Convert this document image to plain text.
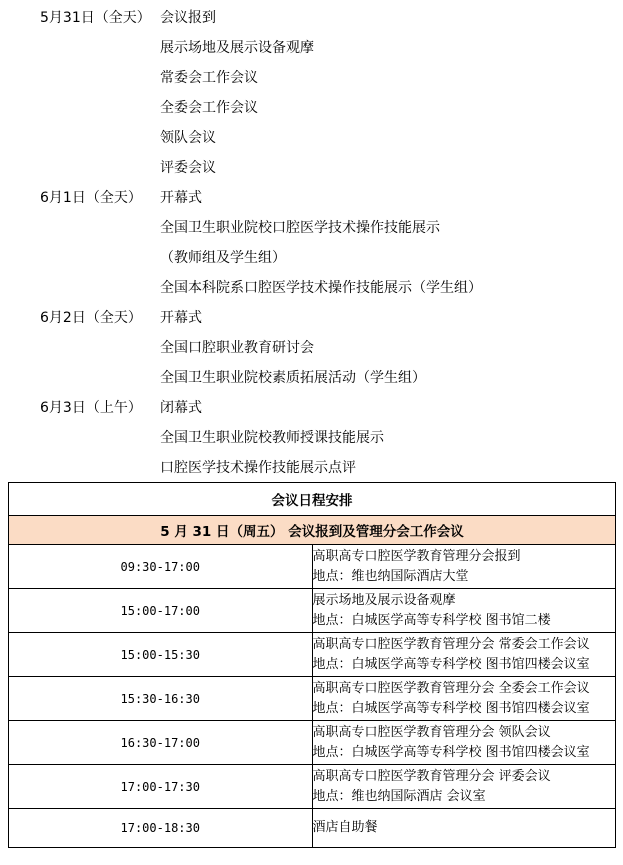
5月31日（全天） 会议报到
展示场地及展示设备观摩
常委会工作会议
全委会工作会议
领队会议
评委会议
6月1日（全天） 开幕式
全国卫生职业院校口腔医学技术操作技能展示
（教师组及学生组）
全国本科院系口腔医学技术操作技能展示（学生组）
6月2日（全天） 开幕式
全国口腔职业教育研讨会
全国卫生职业院校素质拓展活动（学生组）
6月3日（上午） 闭幕式
全国卫生职业院校教师授课技能展示
口腔医学技术操作技能展示点评
会议日程安排	
5 月 31 日（周五） 会议报到及管理分会工作会议	
09:30-17:00	高职高专口腔医学教育管理分会报到
地点：维也纳国际酒店大堂

15:00-17:00	展示场地及展示设备观摩
地点：白城医学高等专科学校 图书馆二楼

15:00-15:30	高职高专口腔医学教育管理分会 常委会工作会议
地点：白城医学高等专科学校 图书馆四楼会议室

15:30-16:30	高职高专口腔医学教育管理分会 全委会工作会议
地点：白城医学高等专科学校 图书馆四楼会议室

16:30-17:00	高职高专口腔医学教育管理分会 领队会议
地点：白城医学高等专科学校 图书馆四楼会议室

17:00-17:30	高职高专口腔医学教育管理分会 评委会议
地点：维也纳国际酒店 会议室

17:00-18:30	酒店自助餐
